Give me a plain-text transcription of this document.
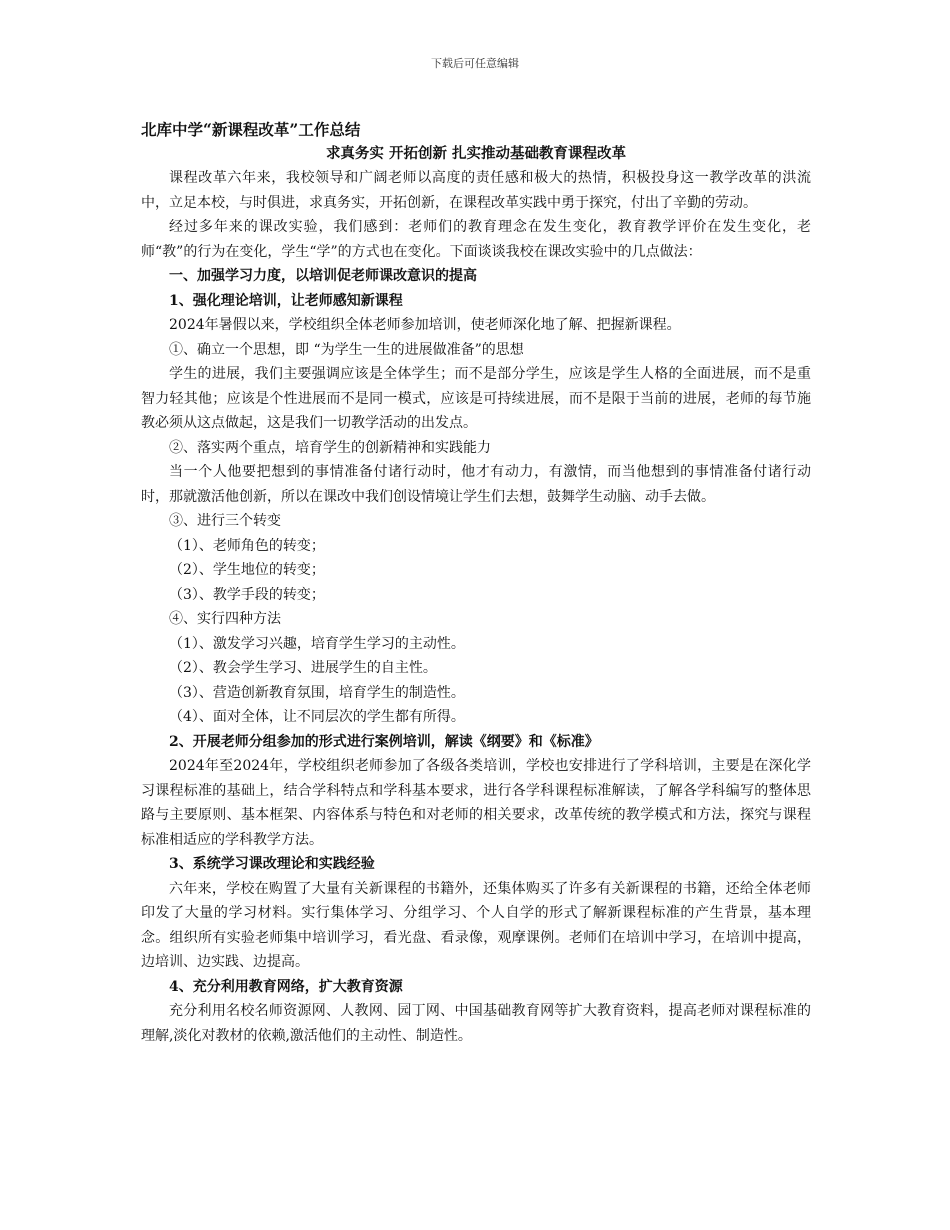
下载后可任意编辑
北库中学“新课程改革”工作总结
求真务实 开拓创新 扎实推动基础教育课程改革

课程改革六年来，我校领导和广阔老师以高度的责任感和极大的热情，积极投身这一教学改革的洪流中，立足本校，与时俱进，求真务实，开拓创新，在课程改革实践中勇于探究，付出了辛勤的劳动。

经过多年来的课改实验，我们感到：老师们的教育理念在发生变化，教育教学评价在发生变化，老师“教”的行为在变化，学生“学”的方式也在变化。下面谈谈我校在课改实验中的几点做法：

一、加强学习力度，以培训促老师课改意识的提高

1、强化理论培训，让老师感知新课程

2024年暑假以来，学校组织全体老师参加培训，使老师深化地了解、把握新课程。

①、确立一个思想，即 “为学生一生的进展做准备”的思想

学生的进展，我们主要强调应该是全体学生；而不是部分学生，应该是学生人格的全面进展，而不是重智力轻其他；应该是个性进展而不是同一模式，应该是可持续进展，而不是限于当前的进展，老师的每节施教必须从这点做起，这是我们一切教学活动的出发点。

②、落实两个重点，培育学生的创新精神和实践能力

当一个人他要把想到的事情准备付诸行动时，他才有动力，有激情，而当他想到的事情准备付诸行动时，那就激活他创新，所以在课改中我们创设情境让学生们去想，鼓舞学生动脑、动手去做。

③、进行三个转变

（1）、老师角色的转变；

（2）、学生地位的转变；

（3）、教学手段的转变；

④、实行四种方法

（1）、激发学习兴趣，培育学生学习的主动性。

（2）、教会学生学习、进展学生的自主性。

（3）、营造创新教育氛围，培育学生的制造性。

（4）、面对全体，让不同层次的学生都有所得。

2、开展老师分组参加的形式进行案例培训，解读《纲要》和《标准》

2024年至2024年，学校组织老师参加了各级各类培训，学校也安排进行了学科培训，主要是在深化学习课程标准的基础上，结合学科特点和学科基本要求，进行各学科课程标准解读，了解各学科编写的整体思路与主要原则、基本框架、内容体系与特色和对老师的相关要求，改革传统的教学模式和方法，探究与课程标准相适应的学科教学方法。

3、系统学习课改理论和实践经验

六年来，学校在购置了大量有关新课程的书籍外，还集体购买了许多有关新课程的书籍，还给全体老师印发了大量的学习材料。实行集体学习、分组学习、个人自学的形式了解新课程标准的产生背景，基本理念。组织所有实验老师集中培训学习，看光盘、看录像，观摩课例。老师们在培训中学习，在培训中提高，边培训、边实践、边提高。

4、充分利用教育网络，扩大教育资源

充分利用名校名师资源网、人教网、园丁网、中国基础教育网等扩大教育资料，提高老师对课程标准的理解,淡化对教材的依赖,激活他们的主动性、制造性。
